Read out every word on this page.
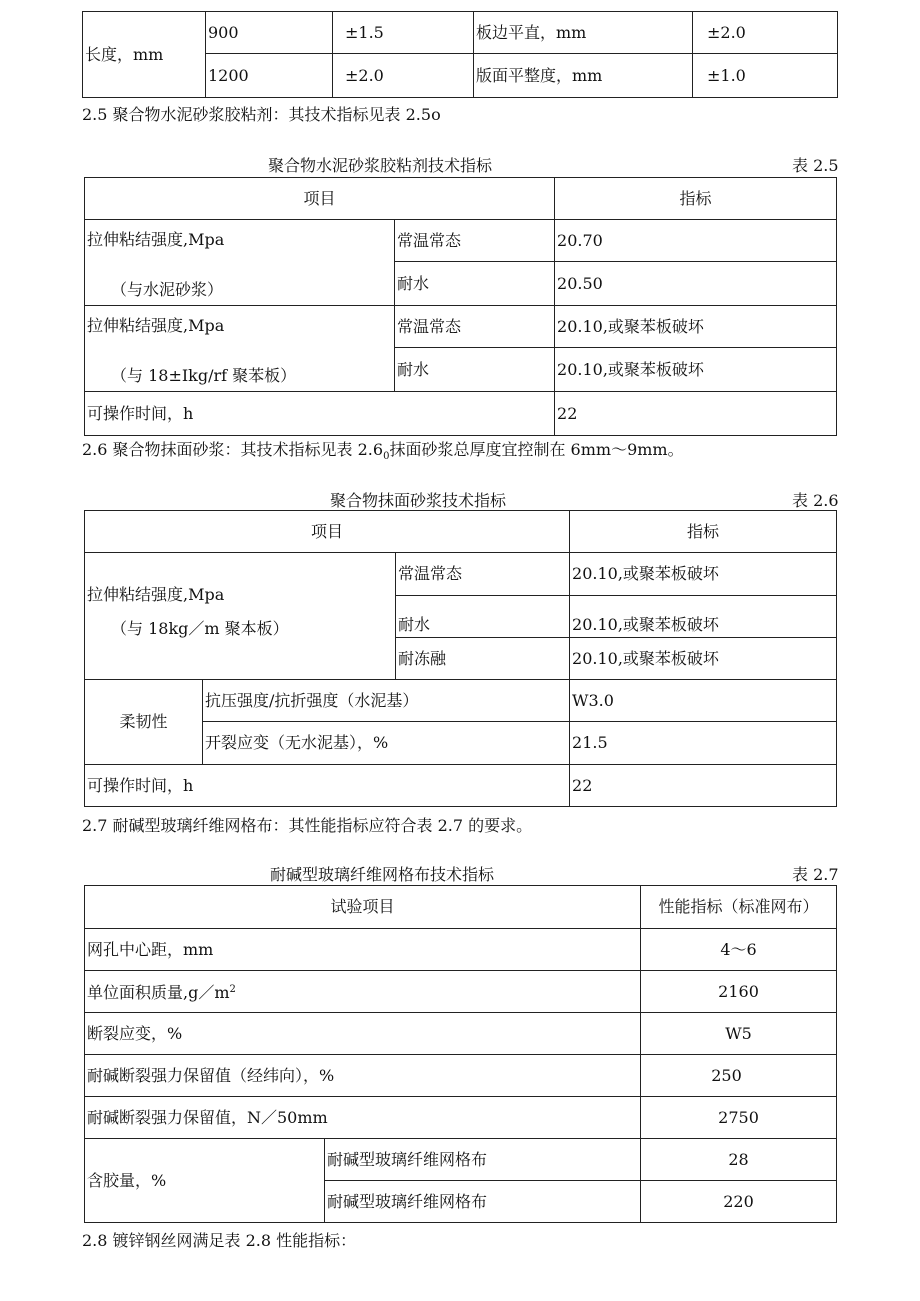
长度，mm	900	±1.5	板边平直，mm	±2.0
	1200	±2.0	版面平整度，mm	±1.0
2.5 聚合物水泥砂浆胶粘剂：其技术指标见表 2.5o
聚合物水泥砂浆胶粘剂技术指标	表 2.5
项目		指标

拉伸粘结强度,Mpa
（与水泥砂浆）	常温常态	20.70
	耐水	20.50

拉伸粘结强度,Mpa
（与 18±Ikg/rf 聚苯板）	常温常态	20.10,或聚苯板破坏
	耐水	20.10,或聚苯板破坏
可操作时间，h		22
2.6 聚合物抹面砂浆：其技术指标见表 $2.6_0$抹面砂浆总厚度宜控制在 6mm～9mm。
聚合物抹面砂浆技术指标	表 2.6
项目			指标

拉伸粘结强度,Mpa
（与 18kg／m 聚本板）		常温常态	20.10,或聚苯板破坏
		耐水	20.10,或聚苯板破坏
		耐冻融	20.10,或聚苯板破坏
柔韧性	抗压强度/抗折强度（水泥基）		W3.0
	开裂应变（无水泥基），%		21.5
可操作时间，h			22
2.7 耐碱型玻璃纤维网格布：其性能指标应符合表 2.7 的要求。
耐碱型玻璃纤维网格布技术指标	表 2.7
试验项目		性能指标（标准网布）
网孔中心距，mm		4～6
单位面积质量$,g/m^2$		2160
断裂应变，%		W5
耐碱断裂强力保留值（经纬向），%		250
耐碱断裂强力保留值，N／50mm		2750
含胶量，%	耐碱型玻璃纤维网格布	28
	耐碱型玻璃纤维网格布	220
2.8 镀锌钢丝网满足表 2.8 性能指标：
